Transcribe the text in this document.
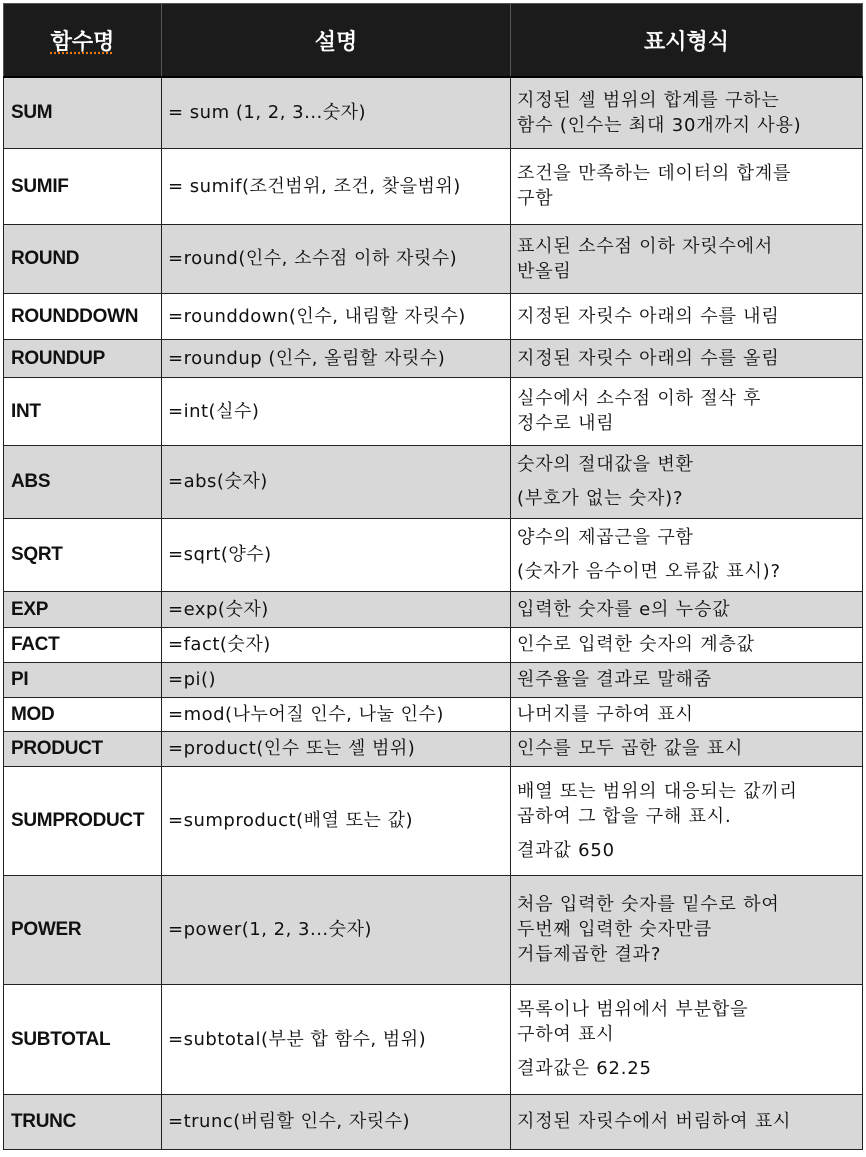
함수명	설명	표시형식
SUM	= sum (1, 2, 3...숫자)	지정된 셀 범위의 합계를 구하는
함수 (인수는 최대 30개까지 사용)

SUMIF	= sumif(조건범위, 조건, 찾을범위)	조건을 만족하는 데이터의 합계를
구함

ROUND	=round(인수, 소수점 이하 자릿수)	표시된 소수점 이하 자릿수에서
반올림

ROUNDDOWN	=rounddown(인수, 내림할 자릿수)	지정된 자릿수 아래의 수를 내림

ROUNDUP	=roundup (인수, 올림할 자릿수)	지정된 자릿수 아래의 수를 올림

INT	=int(실수)	실수에서 소수점 이하 절삭 후
정수로 내림

ABS	=abs(숫자)	숫자의 절대값을 변환
(부호가 없는 숫자)?

SQRT	=sqrt(양수)	양수의 제곱근을 구함
(숫자가 음수이면 오류값 표시)?

EXP	=exp(숫자)	입력한 숫자를 e의 누승값

FACT	=fact(숫자)	인수로 입력한 숫자의 계층값

PI	=pi()	원주율을 결과로 말해줌

MOD	=mod(나누어질 인수, 나눌 인수)	나머지를 구하여 표시

PRODUCT	=product(인수 또는 셀 범위)	인수를 모두 곱한 값을 표시

SUMPRODUCT	=sumproduct(배열 또는 값)	배열 또는 범위의 대응되는 값끼리
곱하여 그 합을 구해 표시.
결과값 650

POWER	=power(1, 2, 3...숫자)	처음 입력한 숫자를 밑수로 하여
두번째 입력한 숫자만큼
거듭제곱한 결과?

SUBTOTAL	=subtotal(부분 합 함수, 범위)	목록이나 범위에서 부분합을
구하여 표시
결과값은 62.25

TRUNC	=trunc(버림할 인수, 자릿수)	지정된 자릿수에서 버림하여 표시
